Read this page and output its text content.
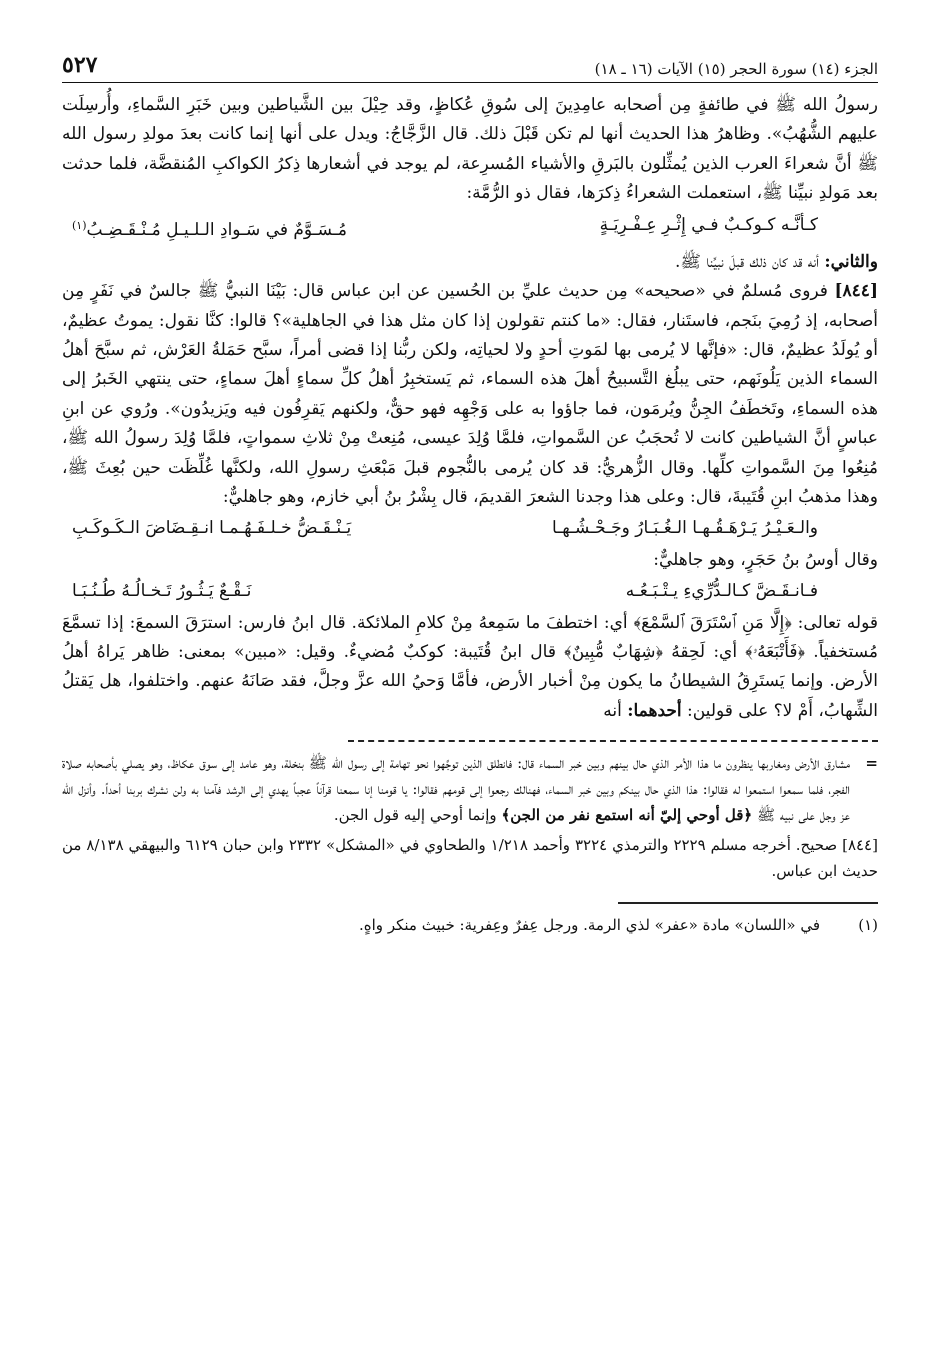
الجزء (١٤) سورة الحجر (١٥) الآيات (١٦ ـ ١٨)
٥٢٧

رسولُ الله ﷺ في طائفةٍ مِن أصحابه عامِدِينَ إلى سُوقِ عُكاظٍ، وقد حِيْلَ بين الشَّياطين وبين خَبَرِ السَّماءِ، وأُرسِلَت عليهم الشُّهُبُ». وظاهرُ هذا الحديث أنها لم تكن قَبْلَ ذلك. قال الزَّجَّاجُ: ويدل على أنها إنما كانت بعدَ مولدِ رسول الله ﷺ أنَّ شعراءَ العرب الذين يُمثِّلون بالبَرقِ والأشياء المُسرِعة، لم يوجد في أشعارها ذِكرُ الكواكبِ المُنقضَّة، فلما حدثت بعد مَولدِ نبيِّنا ﷺ، استعملت الشعراءُ ذِكرَها، فقال ذو الرُّمَّة:

كـأنَّـه كـوكـبٌ فـي إِثْـرِ عِـفْـرِيَـةٍ
مُـسَـوَّمٌ في سَـوادِ الـلـيـلِ مُـنْـقَـضِـبُ$^{(١)}$

والثاني: أنه قد كان ذلك قبلَ نبيِّنا ﷺ.

[٨٤٤] فروى مُسلمٌ في «صحيحه» مِن حديث عليِّ بن الحُسين عن ابن عباس قال: بَيْنَا النبيُّ ﷺ جالسٌ في نَفَرٍ مِن أصحابه، إذ رُمِيَ بنَجم، فاستَنار، فقال: «ما كنتم تقولون إذا كان مثل هذا في الجاهلية»؟ قالوا: كنَّا نقول: يموتُ عظيمٌ، أو يُولَدُ عظيمٌ، قال: «فإنَّها لا يُرمى بها لمَوتِ أحدٍ ولا لحياتِه، ولكن ربُّنا إذا قضى أمراً، سبَّح حَمَلةُ العَرْش، ثم سبَّحَ أهلُ السماء الذين يَلُونَهم، حتى يبلُغ التَّسبيحُ أهلَ هذه السماء، ثم يَستخبِرُ أهلُ كلِّ سماءٍ أهلَ سماءٍ، حتى ينتهي الخَبرُ إلى هذه السماءِ، وتَخطَفُ الجِنُّ ويُرمَون، فما جاؤوا به على وَجْهِه فهو حقٌّ، ولكنهم يَقرِفُون فيه ويَزيدُون». ورُوي عن ابنِ عباسٍ أنَّ الشياطين كانت لا تُحجَبُ عن السَّمواتِ، فلمَّا وُلِدَ عيسى، مُنِعتْ مِنْ ثلاثِ سمواتٍ، فلمَّا وُلِدَ رسولُ الله ﷺ، مُنِعُوا مِنَ السَّمواتِ كلِّها. وقال الزُّهريُّ: قد كان يُرمى بالنُّجوم قبلَ مَبْعَثِ رسولِ الله، ولكنَّها غُلِّظَت حين بُعِثَ ﷺ، وهذا مذهبُ ابنِ قُتَيبةَ، قال: وعلى هذا وجدنا الشعرَ القديمَ، قال بِشْرُ بنُ أبي خازم، وهو جاهليٌّ:

والـعَـيْـرُ يَـرْهَـقُـهـا الـغُـبَـارُ وجَـحْـشُـهـا
يَـنْـقَـضُّ خـلـفَـهُـمـا انـقِـضَاضَ الـكَـوكَـبِ

وقال أوسُ بنُ حَجَرٍ، وهو جاهليٌّ:

فـانـقَـضَّ كـالـدُّرِّيءِ يـتْـبَـعُـه
نَـقْـعٌ يَـثُـورُ تَـخـالُـهُ طُـنُـبَـا

قوله تعالى: ﴿إِلَّا مَنِ ٱسْتَرَقَ ٱلسَّمْعَ﴾ أي: اختطفَ ما سَمِعهُ مِنْ كلامِ الملائكة. قال ابنُ فارس: استرَقَ السمعَ: إذا تسمَّعَ مُستخفياً. ﴿فَأَتْبَعَهُۥ﴾ أي: لَحِقهُ ﴿شِهَابٌ مُّبِينٌ﴾ قال ابنُ قُتَيبة: كوكبٌ مُضيءٌ. وقيل: «مبين» بمعنى: ظاهر يَراهُ أهلُ الأرض. وإنما يَستَرِقُ الشيطانُ ما يكون مِنْ أخبار الأرض، فأمَّا وَحيُ الله عزَّ وجلَّ، فقد صَانَهُ عنهم. واختلفوا، هل يَقتلُ الشِّهابُ، أَمْ لا؟ على قولين: أحدهما: أنه

=
مشارق الأرض ومغاربها ينظرون ما هذا الأمر الذي حال بينهم وبين خبر السماء قال: فانطلق الذين توجَّهوا نحو تهامة إلى رسول الله ﷺ بنخلة، وهو عامد إلى سوق عكاظ، وهو يصلي بأصحابه صلاة الفجر، فلما سمعوا استمعوا له فقالوا: هذا الذي حال بينكم وبين خبر السماء، فهنالك رجعوا إلى قومهم فقالوا: يا قومنا إنا سمعنا قرآناً عجباً يهدي إلى الرشد فآمنا به ولن نشرك بربنا أحداً. وأنزل الله عز وجل على نبيه ﷺ ﴿قل أوحي إليّ أنه استمع نفر من الجن﴾ وإنما أوحي إليه قول الجن.

[٨٤٤] صحيح. أخرجه مسلم ٢٢٢٩ والترمذي ٣٢٢٤ وأحمد ١/٢١٨ والطحاوي في «المشكل» ٢٣٣٢ وابن حبان ٦١٢٩ والبيهقي ٨/١٣٨ من حديث ابن عباس.

(١)
في «اللسان» مادة «عفر» لذي الرمة. ورجل عِفرٌ وعِفرية: خبيث منكر واهٍ.
